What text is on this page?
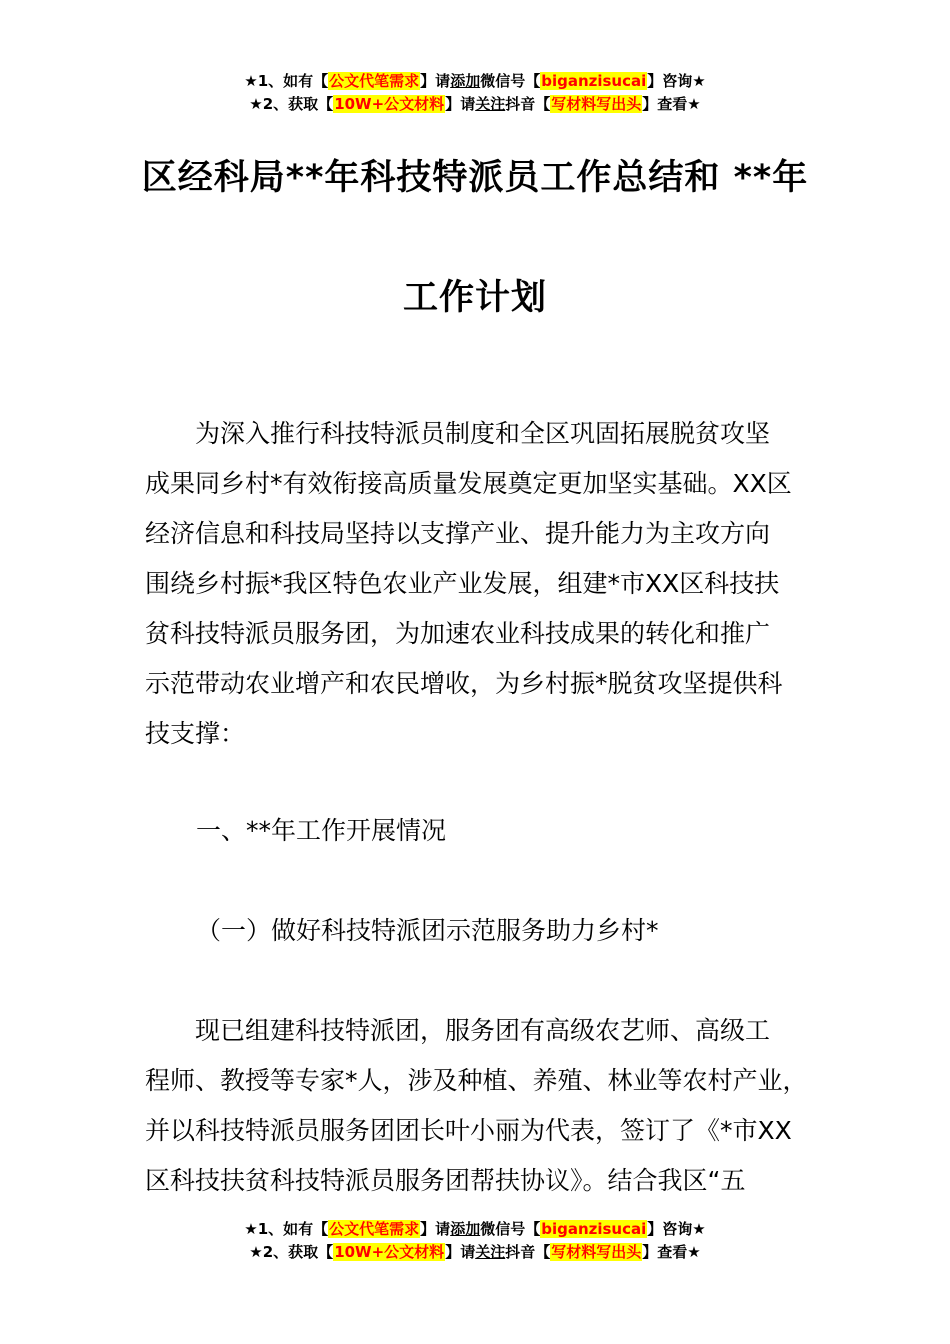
★1、如有【公文代笔需求】请添加微信号【biganzisucai】咨询★
★2、获取【10W+公文材料】请关注抖音【写材料写出头】查看★
区经科局**年科技特派员工作总结和 **年
工作计划
　　为深入推行科技特派员制度和全区巩固拓展脱贫攻坚
成果同乡村*有效衔接高质量发展奠定更加坚实基础。XX区
经济信息和科技局坚持以支撑产业、提升能力为主攻方向
围绕乡村振*我区特色农业产业发展，组建*市XX区科技扶
贫科技特派员服务团，为加速农业科技成果的转化和推广
示范带动农业增产和农民增收，为乡村振*脱贫攻坚提供科
技支撑：
一、**年工作开展情况
（一）做好科技特派团示范服务助力乡村*
　　现已组建科技特派团，服务团有高级农艺师、高级工
程师、教授等专家*人，涉及种植、养殖、林业等农村产业，
并以科技特派员服务团团长叶小丽为代表，签订了《*市XX
区科技扶贫科技特派员服务团帮扶协议》。结合我区“五
★1、如有【公文代笔需求】请添加微信号【biganzisucai】咨询★
★2、获取【10W+公文材料】请关注抖音【写材料写出头】查看★
